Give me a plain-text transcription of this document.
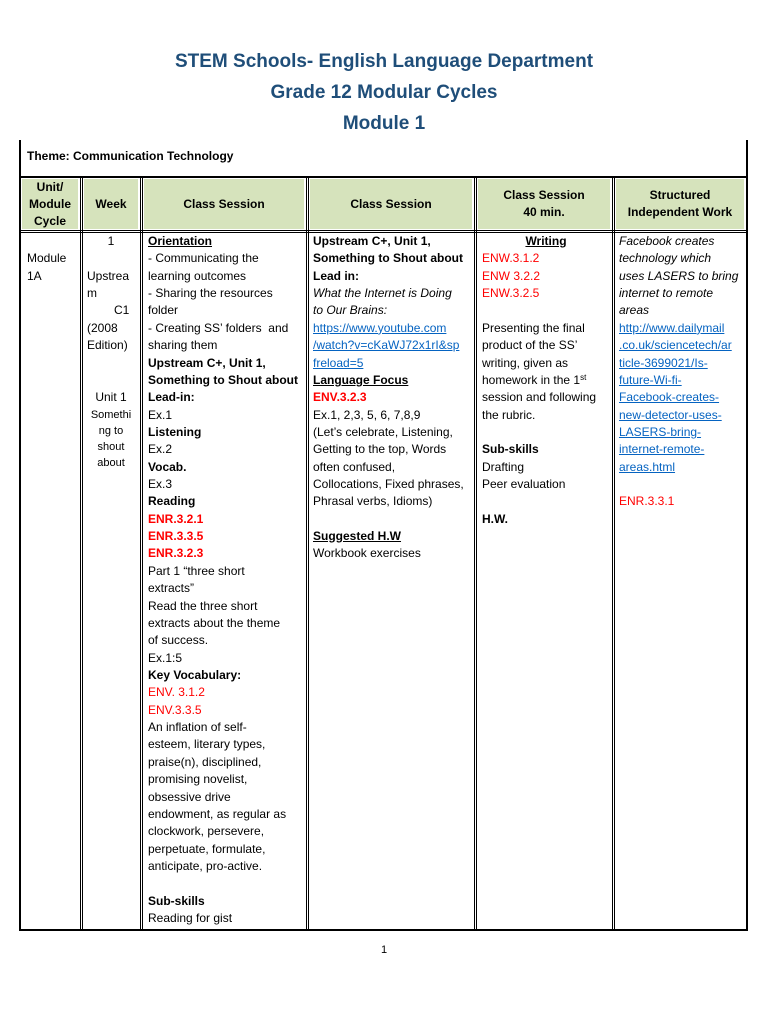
STEM Schools- English Language Department
Grade 12 Modular Cycles
Module 1
Theme: Communication Technology
Unit/
Module
Cycle
Week	Class Session	Class Session
Class Session
40 min.
Structured
Independent Work
Module
1A
1
Upstrea
m
C1
(2008
Edition)
Unit 1
Somethi
ng to
shout
about
Orientation
- Communicating the
learning outcomes
- Sharing the resources
folder
- Creating SS’ folders  and
sharing them
Upstream C+, Unit 1,
Something to Shout about
Lead-in:
Ex.1
Listening
Ex.2
Vocab.
Ex.3
Reading
ENR.3.2.1
ENR.3.3.5
ENR.3.2.3
Part 1 “three short
extracts”
Read the three short
extracts about the theme
of success.
Ex.1:5
Key Vocabulary:
ENV. 3.1.2
ENV.3.3.5
An inflation of self-
esteem, literary types,
praise(n), disciplined,
promising novelist,
obsessive drive
endowment, as regular as
clockwork, persevere,
perpetuate, formulate,
anticipate, pro-active.
Sub-skills
Reading for gist
Upstream C+, Unit 1,
Something to Shout about
Lead in:
What the Internet is Doing
to Our Brains:
https://www.youtube.com
/watch?v=cKaWJ72x1rI&sp
freload=5
Language Focus
ENV.3.2.3
Ex.1, 2,3, 5, 6, 7,8,9
(Let’s celebrate, Listening,
Getting to the top, Words
often confused,
Collocations, Fixed phrases,
Phrasal verbs, Idioms)
Suggested H.W
Workbook exercises
Writing
ENW.3.1.2
ENW 3.2.2
ENW.3.2.5
Presenting the final
product of the SS’
writing, given as
homework in the 1st
session and following
the rubric.
Sub-skills
Drafting
Peer evaluation
H.W.
Facebook creates
technology which
uses LASERS to bring
internet to remote
areas
http://www.dailymail
.co.uk/sciencetech/ar
ticle-3699021/Is-
future-Wi-fi-
Facebook-creates-
new-detector-uses-
LASERS-bring-
internet-remote-
areas.html
ENR.3.3.1
1
